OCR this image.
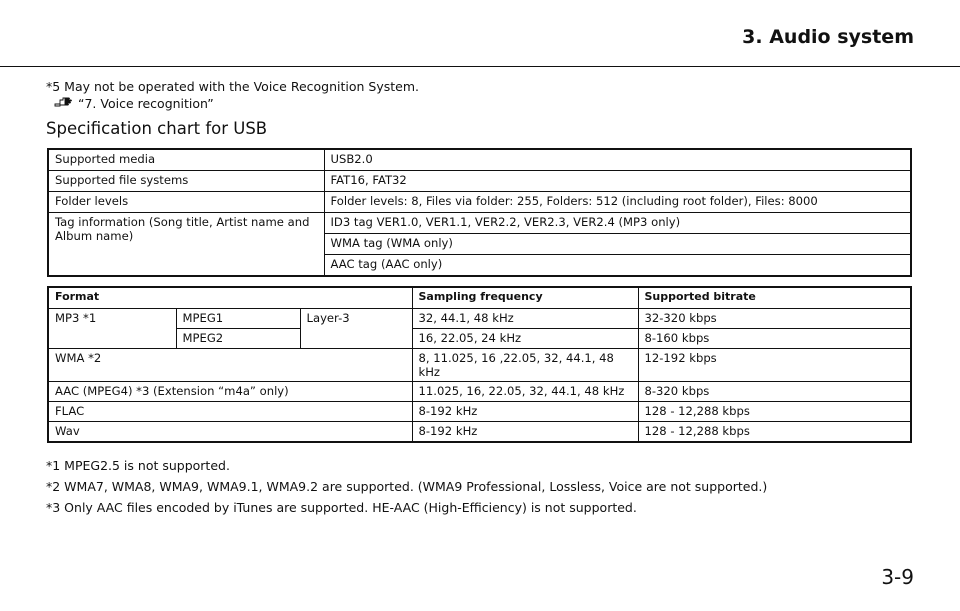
3. Audio system
*5 May not be operated with the Voice Recognition System.
“7. Voice recognition”
Specification chart for USB
Supported media	USB2.0
Supported file systems	FAT16, FAT32
Folder levels	Folder levels: 8, Files via folder: 255, Folders: 512 (including root folder), Files: 8000
Tag information (Song title, Artist name and Album name)	ID3 tag VER1.0, VER1.1, VER2.2, VER2.3, VER2.4 (MP3 only)
	WMA tag (WMA only)
	AAC tag (AAC only)
Format			Sampling frequency	Supported bitrate
MP3 *1	MPEG1	Layer-3	32, 44.1, 48 kHz	32-320 kbps
	MPEG2		16, 22.05, 24 kHz	8-160 kbps
WMA *2			8, 11.025, 16 ,22.05, 32, 44.1, 48 kHz	12-192 kbps
AAC (MPEG4) *3 (Extension “m4a” only)			11.025, 16, 22.05, 32, 44.1, 48 kHz	8-320 kbps
FLAC			8-192 kHz	128 - 12,288 kbps
Wav			8-192 kHz	128 - 12,288 kbps
*1 MPEG2.5 is not supported.
*2 WMA7, WMA8, WMA9, WMA9.1, WMA9.2 are supported. (WMA9 Professional, Lossless, Voice are not supported.)
*3 Only AAC files encoded by iTunes are supported. HE-AAC (High-Efficiency) is not supported.
3-9
